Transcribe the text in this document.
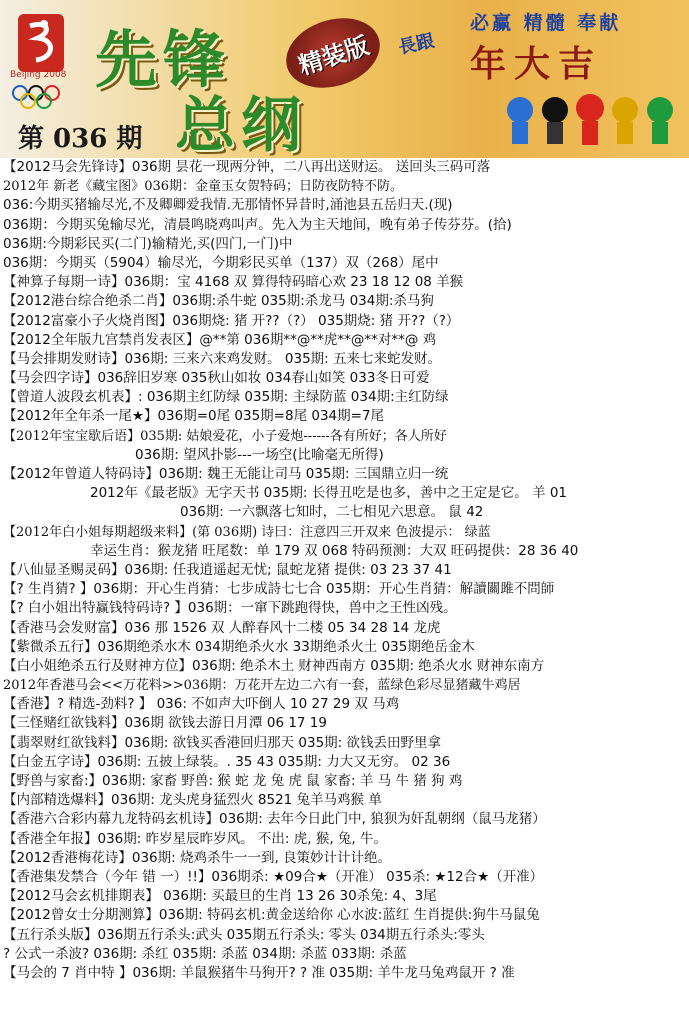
Beijing 2008 先锋	精装版
总纲
第 036 期
必赢 精髓 奉献
長跟 年大吉
【2012马会先锋诗】036期 昙花一现两分钟，二八再出送财运。 送回头三码可落
2012年 新老《藏宝图》036期：金童玉女贺特码；日防夜防特不防。
036:今期买猪输尽光,不及卿卿爱我情.无那情怀异昔时,涌池县五岳归天.(现)
036期：今期买兔输尽光，清晨鸣晓鸡叫声。先入为主天地间，晚有弟子传芬芬。(拾)
036期:今期彩民买(二门)输精光,买(四门,一门)中
036期：今期买（5904）输尽光，今期彩民买单（137）双（268）尾中
【神算子每期一诗】036期：宝 4168 双 算得特码暗心欢 23 18 12 08 羊猴
【2012港台综合绝杀二肖】036期:杀牛蛇 035期:杀龙马 034期:杀马狗
【2012富豪小子火烧肖图】036期烧: 猪 开??（?） 035期烧: 猪 开??（?）
【2012全年版九宫禁肖发表区】@**第 036期**@**虎**@**对**@ 鸡
【马会排期发财诗】036期: 三来六来鸡发财。 035期: 五来七来蛇发财。
【马会四字诗】036辞旧岁寒 035秋山如妆 034春山如笑 033冬日可爱
【曾道人波段玄机表】: 036期主红防绿 035期: 主绿防蓝 034期:主红防绿
【2012年全年杀一尾★】036期=0尾 035期=8尾 034期=7尾
【2012年宝宝歇后语】035期: 姑娘爱花，小子爱炮------各有所好；各人所好
036期: 望风扑影---一场空(比喻毫无所得)
【2012年曾道人特码诗】036期: 魏王无能让司马 035期: 三国鼎立归一统
2012年《最老版》无字天书 035期: 长得丑吃是也多，善中之王定是它。 羊 01
036期: 一六飘落七知时，二七相见六思意。 鼠 42
【2012年白小姐每期超级来料】(第 036期) 诗曰：注意四三开双来 色波提示： 绿蓝
幸运生肖：猴龙猪 旺尾数：单 179 双 068 特码预测：大双 旺码提供：28 36 40
【八仙显圣赐灵码】036期: 任我逍遥起无忧; 鼠蛇龙猪 提供: 03 23 37 41
【? 生肖猜? 】036期：开心生肖猜：七步成詩七七合 035期：开心生肖猜：解讀關雎不問師
【? 白小姐出特赢钱特码诗? 】036期：一窜下跳跑得快，兽中之王性凶残。
【香港马会发财富】036 那 1526 双 人醉春风十二楼 05 34 28 14 龙虎
【紫微杀五行】036期绝杀水木 034期绝杀火水 33期绝杀火土 035期绝岳金木
【白小姐绝杀五行及财神方位】036期: 绝杀木土 财神西南方 035期: 绝杀火水 财神东南方
2012年香港马会<<万花料>>036期：万花开左边二六有一套，蓝绿色彩尽显猪藏牛鸡居
【香港】? 精选-劲料? 】 036: 不如声大吓倒人 10 27 29 双 马鸡
【三怪赌红欲钱料】036期 欲钱去游日月潭 06 17 19
【翡翠财红欲钱料】036期: 欲钱买香港回归那天 035期: 欲钱丢田野里拿
【白金五字诗】036期: 五披上绿装。. 35 43 035期: 力大又无穷。 02 36
【野兽与家畜:】036期: 家畜 野兽: 猴 蛇 龙 兔 虎 鼠 家畜: 羊 马 牛 猪 狗 鸡
【内部精选爆料】036期: 龙头虎身猛烈火 8521 兔羊马鸡猴 单
【香港六合彩内幕九龙特码玄机诗】036期: 去年今日此门中, 狼狈为奸乱朝纲（鼠马龙猪）
【香港全年报】036期: 昨岁星辰昨岁风。 不出: 虎, 猴, 兔, 牛。
【2012香港梅花诗】036期: 烧鸡杀牛一一到, 良策妙计计计绝。
【香港集发禁合（今年 错 一）!!】036期杀: ★09合★（开准） 035杀: ★12合★（开准）
【2012马会玄机排期表】 036期: 买最旦的生肖 13 26 30杀兔: 4、3尾
【2012曾女士分期测算】036期: 特码玄机:黄金送给你 心水波:蓝红 生肖提供:狗牛马鼠兔
【五行杀头版】036期五行杀头:武头 035期五行杀头: 零头 034期五行杀头:零头
? 公式一杀波? 036期: 杀红 035期: 杀蓝 034期: 杀蓝 033期: 杀蓝
【马会的 7 肖中特 】036期: 羊鼠猴猪牛马狗开? ? 准 035期: 羊牛龙马兔鸡鼠开 ? 准
